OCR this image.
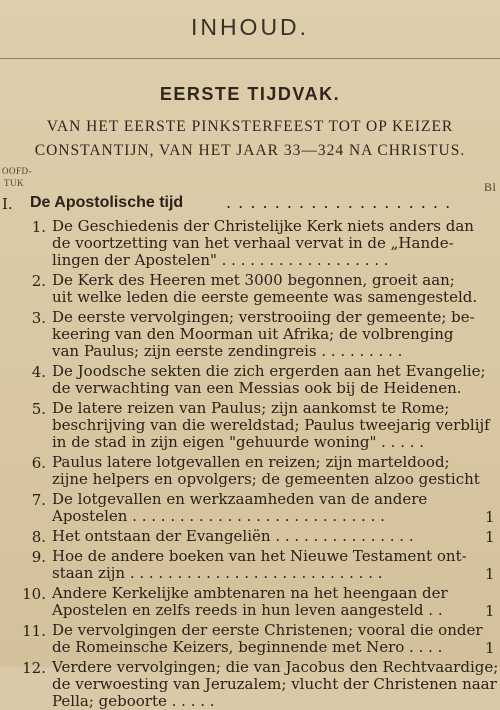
INHOUD.
EERSTE TIJDVAK.
VAN HET EERSTE PINKSTERFEEST TOT OP KEIZER
CONSTANTIJN, VAN HET JAAR 33—324 NA CHRISTUS.
OOFD-
TUK	Bl
I. De Apostolische tijd	. . . . . . . . . . . . . . . . . . .
1. De Geschiedenis der Christelijke Kerk niets anders dan
de voortzetting van het verhaal vervat in de „Hande-
lingen der Apostelen" . . . . . . . . . . . . . . . . . .
2. De Kerk des Heeren met 3000 begonnen, groeit aan;
uit welke leden die eerste gemeente was samengesteld.
3. De eerste vervolgingen; verstrooiing der gemeente; be-
keering van den Moorman uit Afrika; de volbrenging
van Paulus; zijn eerste zendingreis . . . . . . . . .
4. De Joodsche sekten die zich ergerden aan het Evangelie;
de verwachting van een Messias ook bij de Heidenen.
5. De latere reizen van Paulus; zijn aankomst te Rome;
beschrijving van die wereldstad; Paulus tweejarig verblijf
in de stad in zijn eigen "gehuurde woning" . . . . .
6. Paulus latere lotgevallen en reizen; zijn marteldood;
zijne helpers en opvolgers; de gemeenten alzoo gesticht
7. De lotgevallen en werkzaamheden van de andere
Apostelen . . . . . . . . . . . . . . . . . . . . . . . . . . .	1
8. Het ontstaan der Evangeliën . . . . . . . . . . . . . . .	1
9. Hoe de andere boeken van het Nieuwe Testament ont-
staan zijn . . . . . . . . . . . . . . . . . . . . . . . . . . .	1
10. Andere Kerkelijke ambtenaren na het heengaan der
Apostelen en zelfs reeds in hun leven aangesteld . .	1
11. De vervolgingen der eerste Christenen; vooral die onder
de Romeinsche Keizers, beginnende met Nero . . . .	1
12. Verdere vervolgingen; die van Jacobus den Rechtvaardige;
de verwoesting van Jeruzalem; vlucht der Christenen naar
Pella; geboorte . . . . .
